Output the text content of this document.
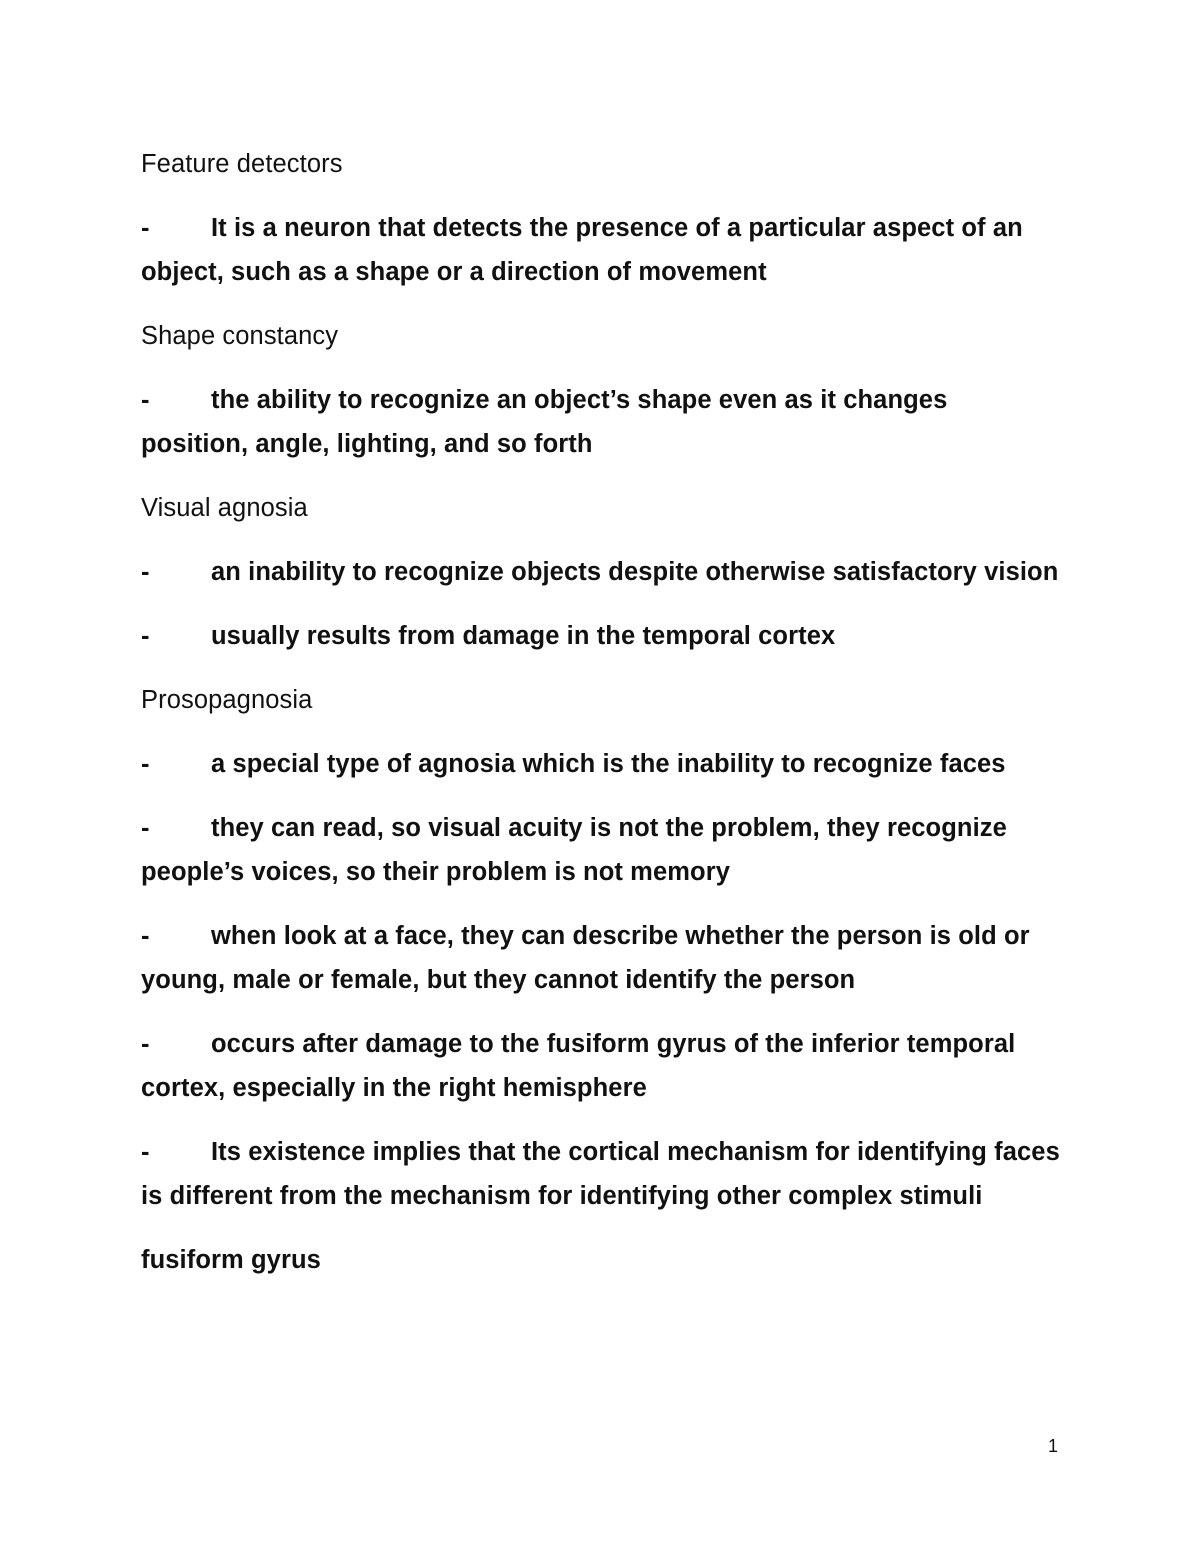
Feature detectors
- It is a neuron that detects the presence of a particular aspect of an object, such as a shape or a direction of movement
Shape constancy
- the ability to recognize an object’s shape even as it changes position, angle, lighting, and so forth
Visual agnosia
- an inability to recognize objects despite otherwise satisfactory vision
- usually results from damage in the temporal cortex
Prosopagnosia
- a special type of agnosia which is the inability to recognize faces
- they can read, so visual acuity is not the problem, they recognize people’s voices, so their problem is not memory
- when look at a face, they can describe whether the person is old or young, male or female, but they cannot identify the person
- occurs after damage to the fusiform gyrus of the inferior temporal cortex, especially in the right hemisphere
- Its existence implies that the cortical mechanism for identifying faces is different from the mechanism for identifying other complex stimuli
fusiform gyrus
1
